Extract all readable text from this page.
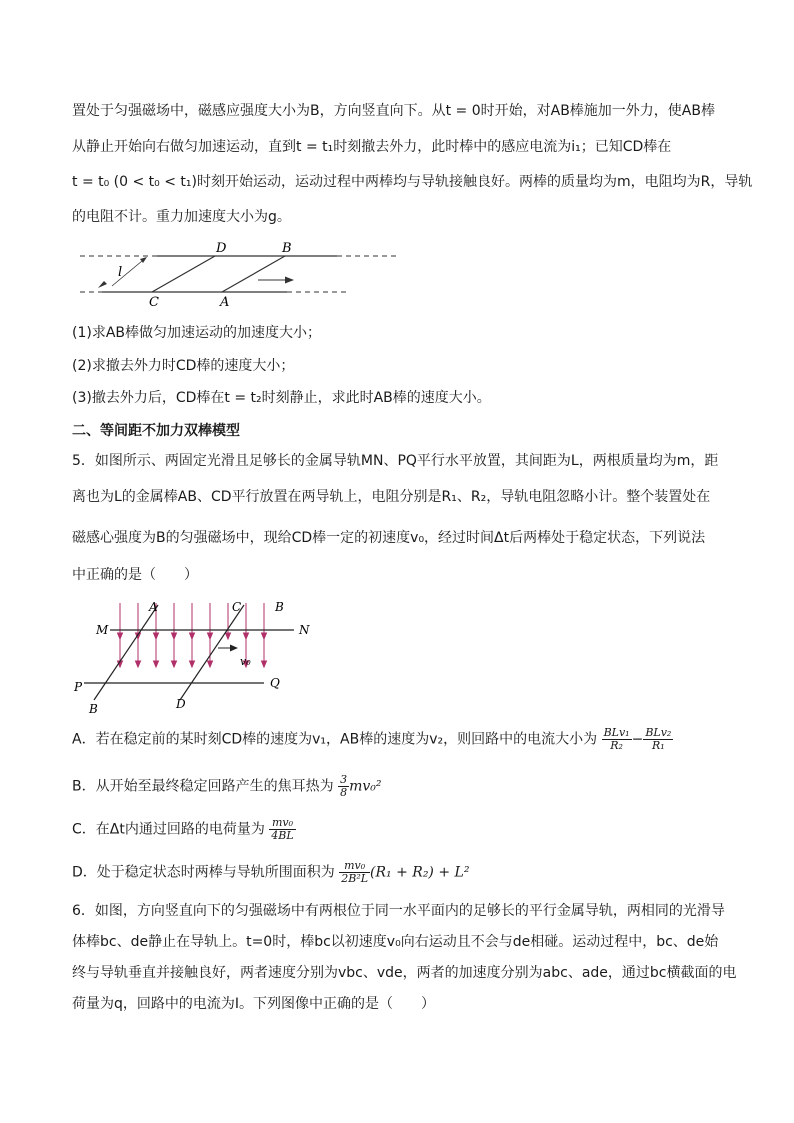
置处于匀强磁场中，磁感应强度大小为B，方向竖直向下。从t = 0时开始，对AB棒施加一外力，使AB棒
从静止开始向右做匀加速运动，直到t = t₁时刻撤去外力，此时棒中的感应电流为i₁；已知CD棒在
t = t₀ (0 < t₀ < t₁)时刻开始运动，运动过程中两棒均与导轨接触良好。两棒的质量均为m，电阻均为R，导轨
的电阻不计。重力加速度大小为g。
D	B
l
C	A
(1)求AB棒做匀加速运动的加速度大小；
(2)求撤去外力时CD棒的速度大小；
(3)撤去外力后，CD棒在t = t₂时刻静止，求此时AB棒的速度大小。
二、等间距不加力双棒模型
5．如图所示、两固定光滑且足够长的金属导轨MN、PQ平行水平放置，其间距为L，两根质量均为m，距
离也为L的金属棒AB、CD平行放置在两导轨上，电阻分别是R₁、R₂，导轨电阻忽略小计。整个装置处在
磁感心强度为B的匀强磁场中，现给CD棒一定的初速度v₀，经过时间Δt后两棒处于稳定状态，下列说法
中正确的是（　　）
A	C	B
M	N
v₀
P	Q
B	D
A．若在稳定前的某时刻CD棒的速度为v₁，AB棒的速度为v₂，则回路中的电流大小为 $\frac{\text{BLv₁}}{\text{R₂}} - \frac{\text{BLv₂}}{\text{R₁}}$
B．从开始至最终稳定回路产生的焦耳热为 $\frac{3}{8} mv_0^2$
C．在Δt内通过回路的电荷量为 $\frac{\text{mv₀}}{4BL}$
D．处于稳定状态时两棒与导轨所围面积为 $\frac{\text{mv₀}}{\text{2B²L}} (R_1 + R_2) + L^2$
6．如图，方向竖直向下的匀强磁场中有两根位于同一水平面内的足够长的平行金属导轨，两相同的光滑导
体棒bc、de静止在导轨上。t=0时，棒bc以初速度v₀向右运动且不会与de相碰。运动过程中，bc、de始
终与导轨垂直并接触良好，两者速度分别为vbc、vde，两者的加速度分别为abc、ade，通过bc横截面的电
荷量为q，回路中的电流为I。下列图像中正确的是（　　）
